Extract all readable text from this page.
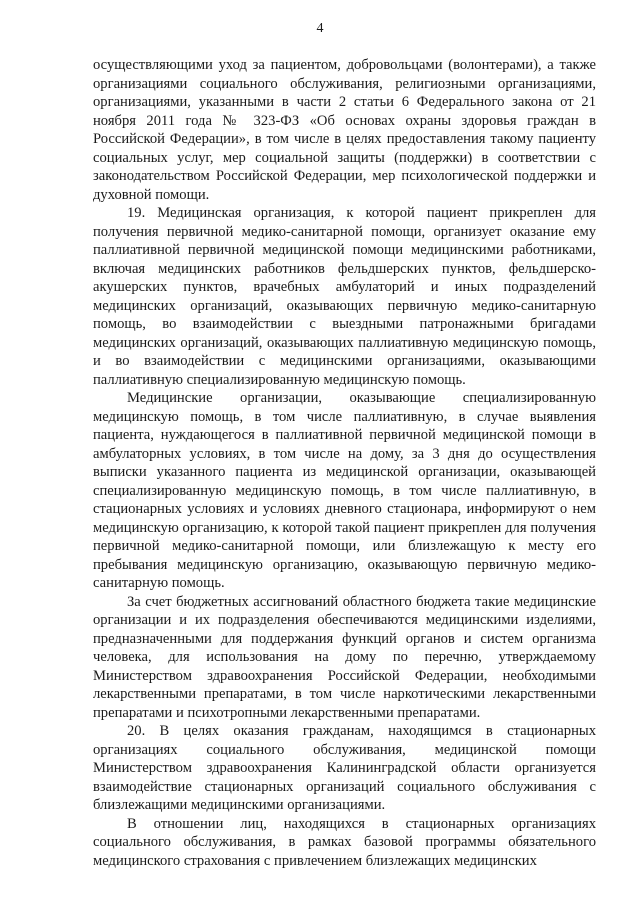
4

осуществляющими уход за пациентом, добровольцами (волонтерами), а также организациями социального обслуживания, религиозными организациями, организациями, указанными в части 2 статьи 6 Федерального закона от 21 ноября 2011 года № 323-ФЗ «Об основах охраны здоровья граждан в Российской Федерации», в том числе в целях предоставления такому пациенту социальных услуг, мер социальной защиты (поддержки) в соответствии с законодательством Российской Федерации, мер психологической поддержки и духовной помощи.

19. Медицинская организация, к которой пациент прикреплен для получения первичной медико-санитарной помощи, организует оказание ему паллиативной первичной медицинской помощи медицинскими работниками, включая медицинских работников фельдшерских пунктов, фельдшерско-акушерских пунктов, врачебных амбулаторий и иных подразделений медицинских организаций, оказывающих первичную медико-санитарную помощь, во взаимодействии с выездными патронажными бригадами медицинских организаций, оказывающих паллиативную медицинскую помощь, и во взаимодействии с медицинскими организациями, оказывающими паллиативную специализированную медицинскую помощь.

Медицинские организации, оказывающие специализированную медицинскую помощь, в том числе паллиативную, в случае выявления пациента, нуждающегося в паллиативной первичной медицинской помощи в амбулаторных условиях, в том числе на дому, за 3 дня до осуществления выписки указанного пациента из медицинской организации, оказывающей специализированную медицинскую помощь, в том числе паллиативную, в стационарных условиях и условиях дневного стационара, информируют о нем медицинскую организацию, к которой такой пациент прикреплен для получения первичной медико-санитарной помощи, или близлежащую к месту его пребывания медицинскую организацию, оказывающую первичную медико-санитарную помощь.

За счет бюджетных ассигнований областного бюджета такие медицинские организации и их подразделения обеспечиваются медицинскими изделиями, предназначенными для поддержания функций органов и систем организма человека, для использования на дому по перечню, утверждаемому Министерством здравоохранения Российской Федерации, необходимыми лекарственными препаратами, в том числе наркотическими лекарственными препаратами и психотропными лекарственными препаратами.

20. В целях оказания гражданам, находящимся в стационарных организациях социального обслуживания, медицинской помощи Министерством здравоохранения Калининградской области организуется взаимодействие стационарных организаций социального обслуживания с близлежащими медицинскими организациями.

В отношении лиц, находящихся в стационарных организациях социального обслуживания, в рамках базовой программы обязательного медицинского страхования с привлечением близлежащих медицинских
